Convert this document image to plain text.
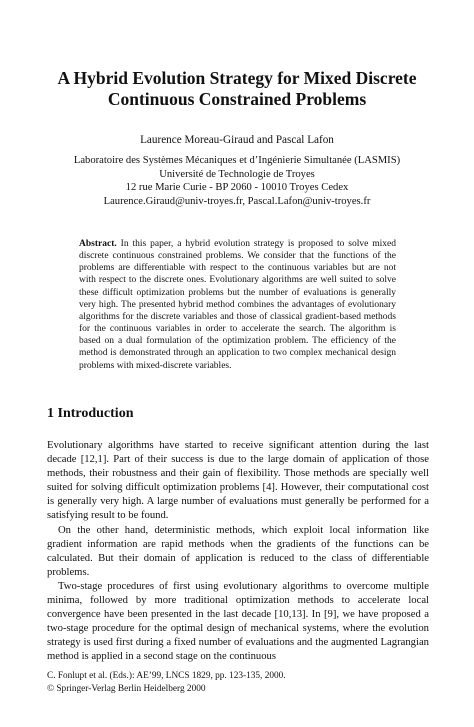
A Hybrid Evolution Strategy for Mixed Discrete
Continuous Constrained Problems
Laurence Moreau-Giraud and Pascal Lafon
Laboratoire des Systèmes Mécaniques et d’Ingénierie Simultanée (LASMIS)
Université de Technologie de Troyes
12 rue Marie Curie - BP 2060 - 10010 Troyes Cedex
Laurence.Giraud@univ-troyes.fr, Pascal.Lafon@univ-troyes.fr
Abstract. In this paper, a hybrid evolution strategy is proposed to solve mixed discrete continuous constrained problems. We consider that the functions of the problems are differentiable with respect to the continuous variables but are not with respect to the discrete ones. Evolutionary algorithms are well suited to solve these difficult optimization problems but the number of evaluations is generally very high. The presented hybrid method combines the advantages of evolutionary algorithms for the discrete variables and those of classical gradient-based methods for the continuous variables in order to accelerate the search. The algorithm is based on a dual formulation of the optimization problem. The efficiency of the method is demonstrated through an application to two complex mechanical design problems with mixed-discrete variables.
1 Introduction

Evolutionary algorithms have started to receive significant attention during the last decade [12,1]. Part of their success is due to the large domain of application of those methods, their robustness and their gain of flexibility. Those methods are specially well suited for solving difficult optimization problems [4]. However, their computational cost is generally very high. A large number of evaluations must generally be performed for a satisfying result to be found.

On the other hand, deterministic methods, which exploit local information like gradient information are rapid methods when the gradients of the functions can be calculated. But their domain of application is reduced to the class of differentiable problems.

Two-stage procedures of first using evolutionary algorithms to overcome multiple minima, followed by more traditional optimization methods to accelerate local convergence have been presented in the last decade [10,13]. In [9], we have proposed a two-stage procedure for the optimal design of mechanical systems, where the evolution strategy is used first during a fixed number of evaluations and the augmented Lagrangian method is applied in a second stage on the continuous

C. Fonlupt et al. (Eds.): AE’99, LNCS 1829, pp. 123-135, 2000.
© Springer-Verlag Berlin Heidelberg 2000
